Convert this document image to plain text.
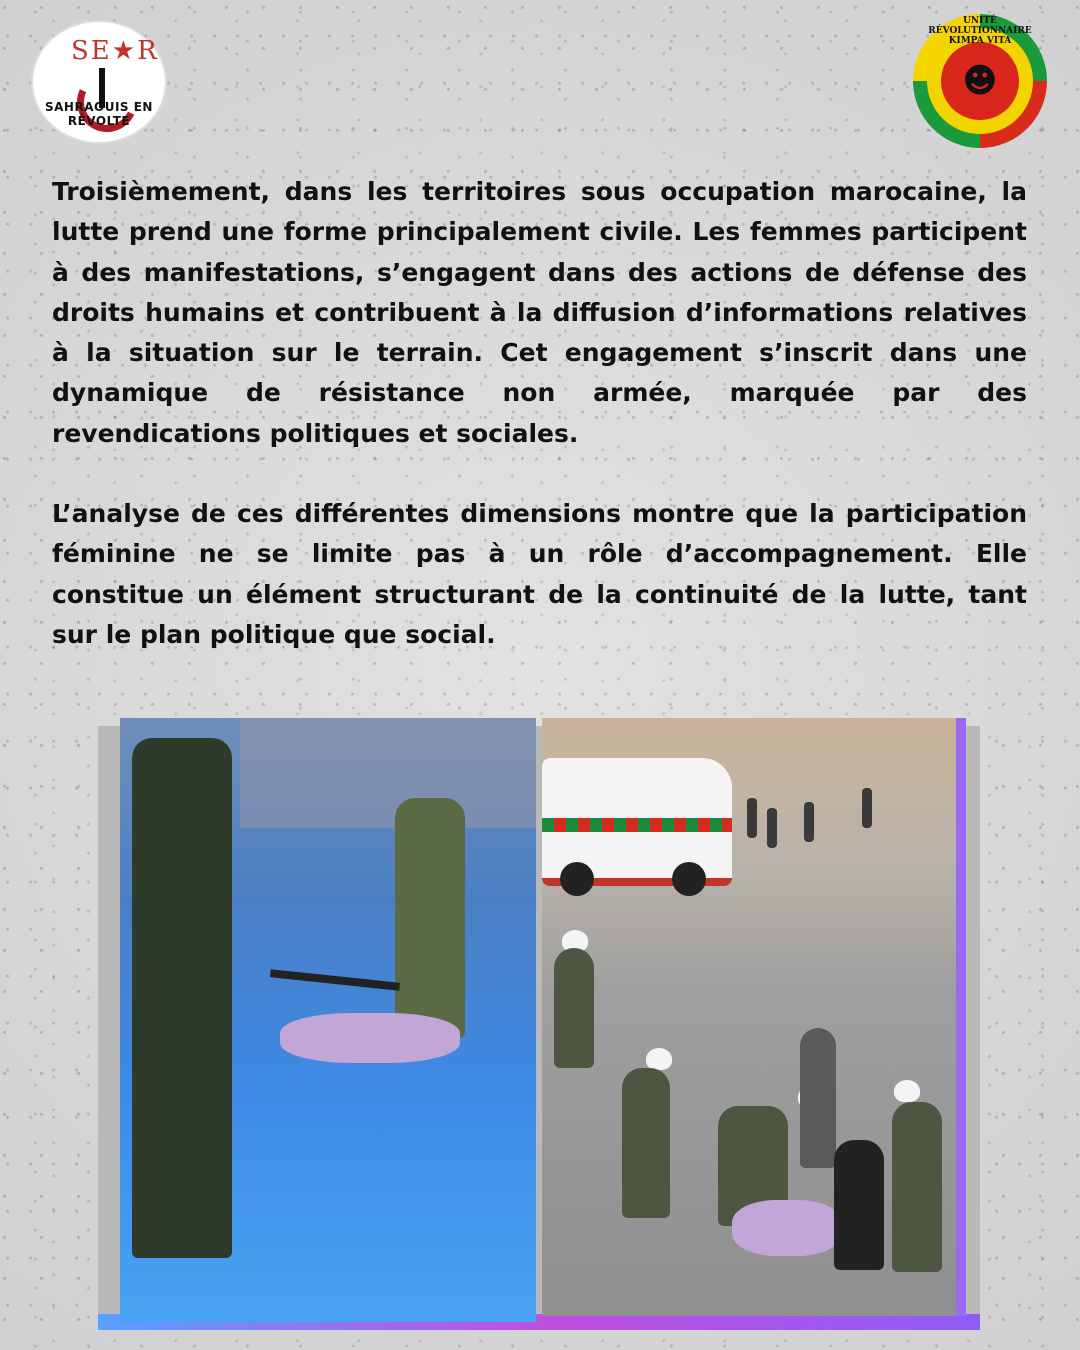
SE★R
SAHRAOUIS EN RÉVOLTE
☻
UNITÉ RÉVOLUTIONNAIRE KIMPA VITA

Troisièmement, dans les territoires sous occupation marocaine, la lutte prend une forme principalement civile. Les femmes participent à des manifestations, s’engagent dans des actions de défense des droits humains et contribuent à la diffusion d’informations relatives à la situation sur le terrain. Cet engagement s’inscrit dans une dynamique de résistance non armée, marquée par des revendications politiques et sociales.

L’analyse de ces différentes dimensions montre que la participation féminine ne se limite pas à un rôle d’accompagnement. Elle constitue un élément structurant de la continuité de la lutte, tant sur le plan politique que social.
